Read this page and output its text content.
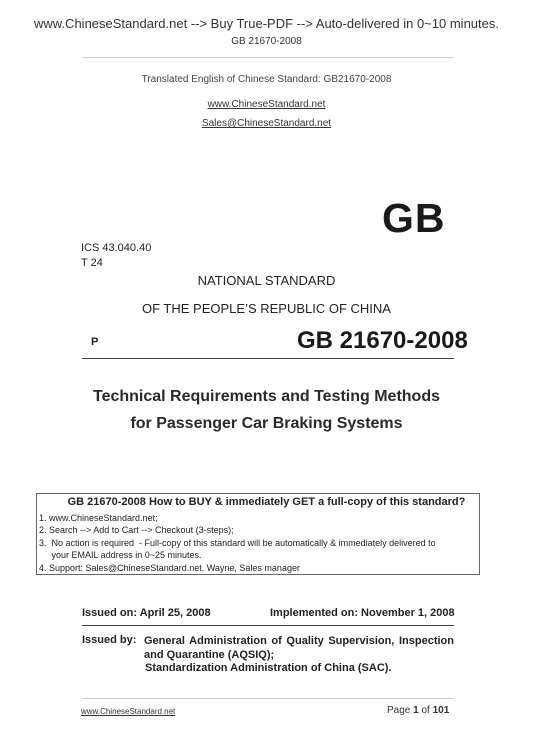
www.ChineseStandard.net --> Buy True-PDF --> Auto-delivered in 0~10 minutes.
GB 21670-2008
Translated English of Chinese Standard: GB21670-2008
www.ChineseStandard.net
Sales@ChineseStandard.net
GB
ICS 43.040.40
T 24
NATIONAL STANDARD
OF THE PEOPLE’S REPUBLIC OF CHINA
P	GB 21670-2008
Technical Requirements and Testing Methods
for Passenger Car Braking Systems
GB 21670-2008 How to BUY & immediately GET a full-copy of this standard?
1. www.ChineseStandard.net;
2. Search --> Add to Cart --> Checkout (3-steps);
3.  No action is required  - Full-copy of this standard will be automatically & immediately delivered to
your EMAIL address in 0~25 minutes.
4. Support: Sales@ChineseStandard.net. Wayne, Sales manager
Issued on: April 25, 2008	Implemented on: November 1, 2008
Issued by: General Administration of Quality Supervision, Inspection and Quarantine (AQSIQ);
Standardization Administration of China (SAC).
www.ChineseStandard.net	Page 1 of 101
